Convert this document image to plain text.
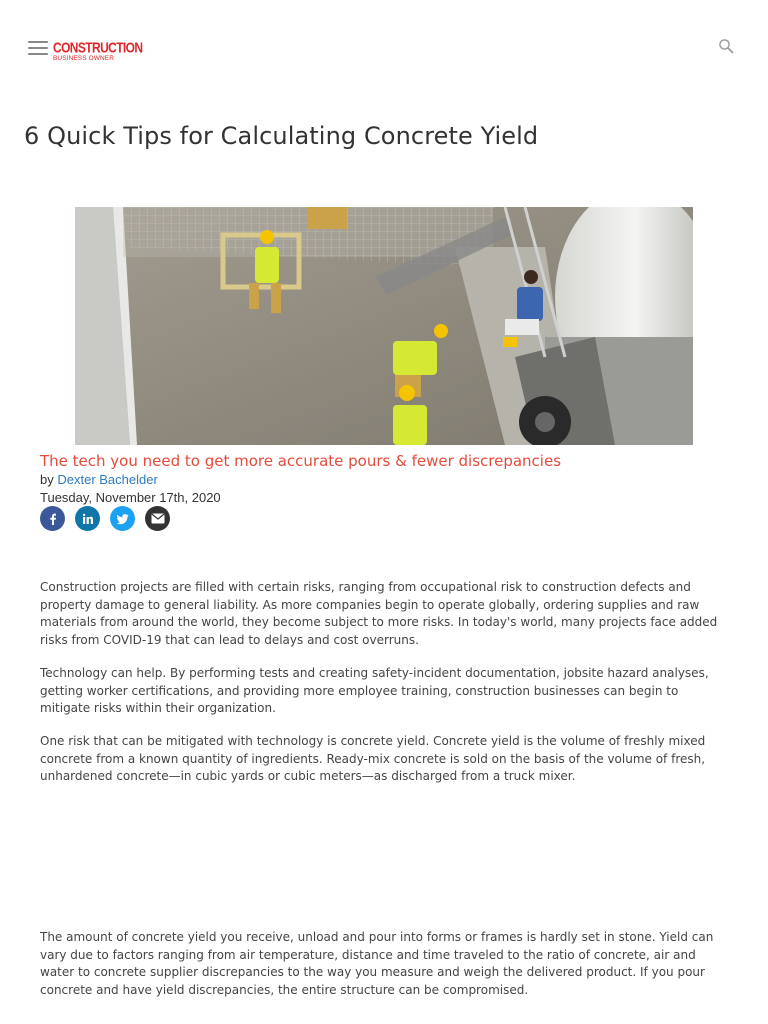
CONSTRUCTION
BUSINESS OWNER
6 Quick Tips for Calculating Concrete Yield
The tech you need to get more accurate pours & fewer discrepancies
by Dexter Bachelder
Tuesday, November 17th, 2020

Construction projects are filled with certain risks, ranging from occupational risk to construction defects and property damage to general liability. As more companies begin to operate globally, ordering supplies and raw materials from around the world, they become subject to more risks. In today's world, many projects face added risks from COVID-19 that can lead to delays and cost overruns.

Technology can help. By performing tests and creating safety-incident documentation, jobsite hazard analyses, getting worker certifications, and providing more employee training, construction businesses can begin to mitigate risks within their organization.

One risk that can be mitigated with technology is concrete yield. Concrete yield is the volume of freshly mixed concrete from a known quantity of ingredients. Ready-mix concrete is sold on the basis of the volume of fresh, unhardened concrete—in cubic yards or cubic meters—as discharged from a truck mixer.

The amount of concrete yield you receive, unload and pour into forms or frames is hardly set in stone. Yield can vary due to factors ranging from air temperature, distance and time traveled to the ratio of concrete, air and water to concrete supplier discrepancies to the way you measure and weigh the delivered product. If you pour concrete and have yield discrepancies, the entire structure can be compromised.
